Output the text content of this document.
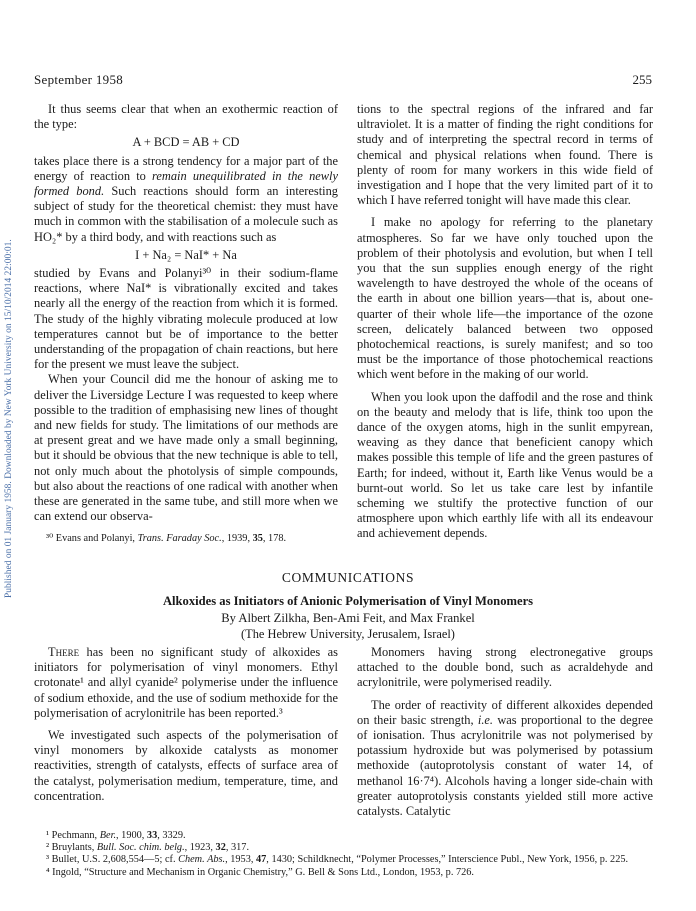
Published on 01 January 1958. Downloaded by New York University on 15/10/2014 22:00:01.
September 1958	255

It thus seems clear that when an exothermic reaction of the type:

A + BCD = AB + CD

takes place there is a strong tendency for a major part of the energy of reaction to remain unequilibrated in the newly formed bond. Such reactions should form an interesting subject of study for the theoretical chemist: they must have much in common with the stabilisation of a molecule such as HO₂* by a third body, and with reactions such as

I + Na₂ = NaI* + Na

studied by Evans and Polanyi³⁰ in their sodium-flame reactions, where NaI* is vibrationally excited and takes nearly all the energy of the reaction from which it is formed. The study of the highly vibrating molecule produced at low temperatures cannot but be of importance to the better understanding of the propagation of chain reactions, but here for the present we must leave the subject.

When your Council did me the honour of asking me to deliver the Liversidge Lecture I was requested to keep where possible to the tradition of emphasising new lines of thought and new fields for study. The limitations of our methods are at present great and we have made only a small beginning, but it should be obvious that the new technique is able to tell, not only much about the photolysis of simple compounds, but also about the reactions of one radical with another when these are generated in the same tube, and still more when we can extend our observa-

tions to the spectral regions of the infrared and far ultraviolet. It is a matter of finding the right conditions for study and of interpreting the spectral record in terms of chemical and physical relations when found. There is plenty of room for many workers in this wide field of investigation and I hope that the very limited part of it to which I have referred tonight will have made this clear.

I make no apology for referring to the planetary atmospheres. So far we have only touched upon the problem of their photolysis and evolution, but when I tell you that the sun supplies enough energy of the right wavelength to have destroyed the whole of the oceans of the earth in about one billion years—that is, about one-quarter of their whole life—the importance of the ozone screen, delicately balanced between two opposed photochemical reactions, is surely manifest; and so too must be the importance of those photochemical reactions which went before in the making of our world.

When you look upon the daffodil and the rose and think on the beauty and melody that is life, think too upon the dance of the oxygen atoms, high in the sunlit empyrean, weaving as they dance that beneficient canopy which makes possible this temple of life and the green pastures of Earth; for indeed, without it, Earth like Venus would be a burnt-out world. So let us take care lest by infantile scheming we stultify the protective function of our atmosphere upon which earthly life with all its endeavour and achievement depends.

³⁰ Evans and Polanyi, Trans. Faraday Soc., 1939, 35, 178.
COMMUNICATIONS
Alkoxides as Initiators of Anionic Polymerisation of Vinyl Monomers
By Albert Zilkha, Ben-Ami Feit, and Max Frankel
(The Hebrew University, Jerusalem, Israel)

There has been no significant study of alkoxides as initiators for polymerisation of vinyl monomers. Ethyl crotonate¹ and allyl cyanide² polymerise under the influence of sodium ethoxide, and the use of sodium methoxide for the polymerisation of acrylonitrile has been reported.³

We investigated such aspects of the polymerisation of vinyl monomers by alkoxide catalysts as monomer reactivities, strength of catalysts, effects of surface area of the catalyst, polymerisation medium, temperature, time, and concentration.

Monomers having strong electronegative groups attached to the double bond, such as acraldehyde and acrylonitrile, were polymerised readily.

The order of reactivity of different alkoxides depended on their basic strength, i.e. was proportional to the degree of ionisation. Thus acrylonitrile was not polymerised by potassium hydroxide but was polymerised by potassium methoxide (autoprotolysis constant of water 14, of methanol 16·7⁴). Alcohols having a longer side-chain with greater autoprotolysis constants yielded still more active catalysts. Catalytic

¹ Pechmann, Ber., 1900, 33, 3329.
² Bruylants, Bull. Soc. chim. belg., 1923, 32, 317.
³ Bullet, U.S. 2,608,554—5; cf. Chem. Abs., 1953, 47, 1430; Schildknecht, “Polymer Processes,” Interscience Publ., New York, 1956, p. 225.
⁴ Ingold, “Structure and Mechanism in Organic Chemistry,” G. Bell & Sons Ltd., London, 1953, p. 726.
